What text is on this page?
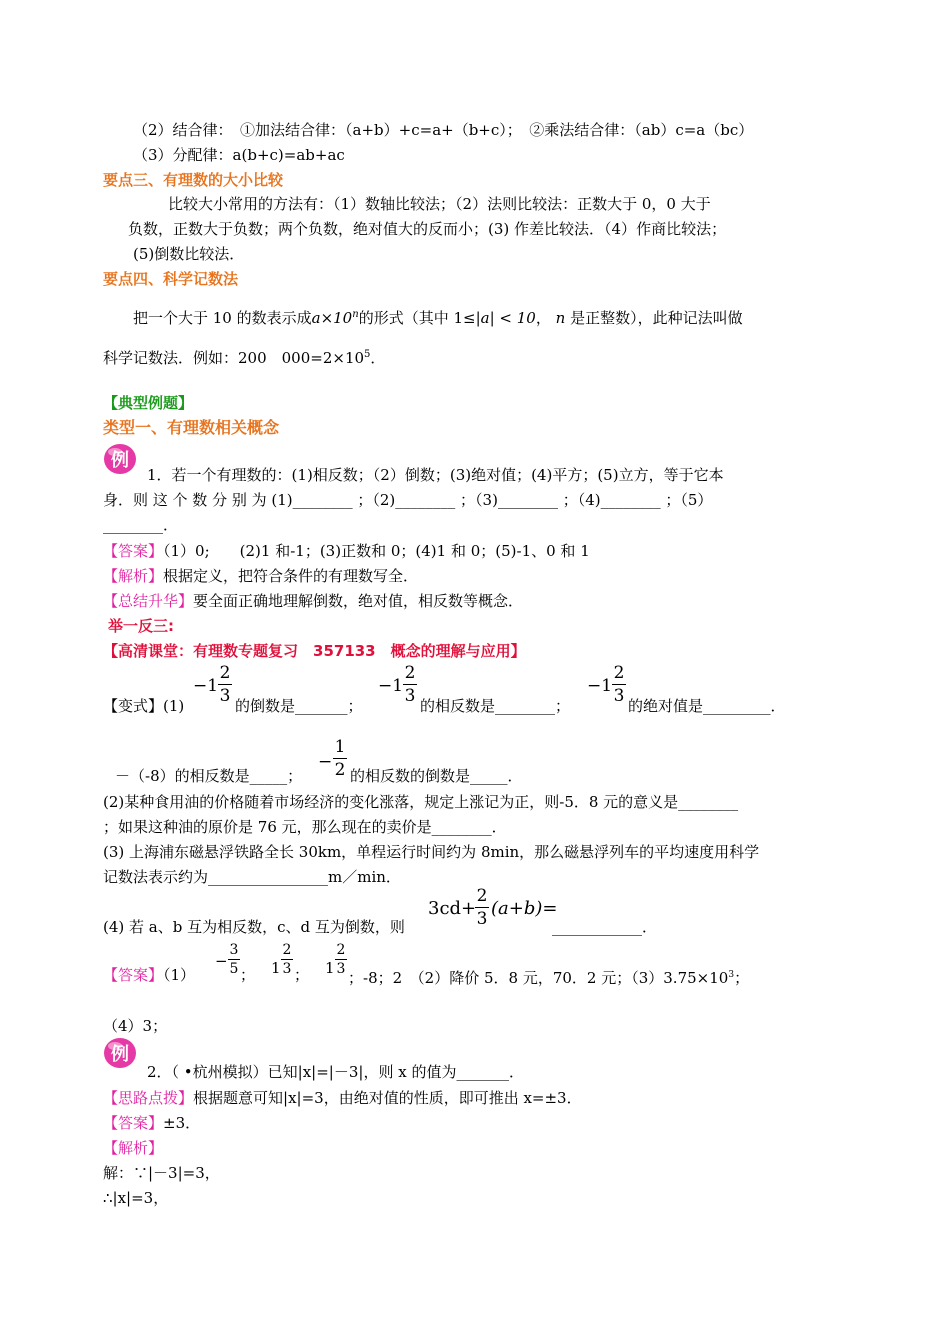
（2）结合律：　①加法结合律：（a+b）+c=a+（b+c）；　②乘法结合律：（ab）c=a（bc）
（3）分配律：a(b+c)=ab+ac
要点三、有理数的大小比较
比较大小常用的方法有：（1）数轴比较法；（2）法则比较法：正数大于 0，0 大于
负数，正数大于负数；两个负数，绝对值大的反而小；(3) 作差比较法．（4）作商比较法；
(5)倒数比较法．
要点四、科学记数法
把一个大于 10 的数表示成$a\times 10^n$的形式（其中 1≤|a| < 10， n 是正整数），此种记法叫做
科学记数法．例如：200　$000=2\times 10^5$．
【典型例题】
类型一、有理数相关概念
例
1．若一个有理数的：(1)相反数；（2）倒数；(3)绝对值；(4)平方；(5)立方，等于它本
身．则 这 个 数 分 别 为 (1)________ ；（2)________ ；（3)________ ；（4)________ ；（5）
________．
【答案】（1）0;　　(2)1 和-1；(3)正数和 0；(4)1 和 0；(5)-1、0 和 1
【解析】根据定义，把符合条件的有理数写全．
【总结升华】要全面正确地理解倒数，绝对值，相反数等概念．
举一反三:
【高清课堂：有理数专题复习　357133　概念的理解与应用】
【变式】(1)
−1
2
3 的倒数是_______；
−1
2
3 的相反数是________；
−1
2
3 的绝对值是_________．
－（-8）的相反数是_____；
−
1
2 的相反数的倒数是_____．
(2)某种食用油的价格随着市场经济的变化涨落，规定上涨记为正，则-5．8 元的意义是________
；如果这种油的原价是 76 元，那么现在的卖价是________．
(3) 上海浦东磁悬浮铁路全长 30km，单程运行时间约为 8min，那么磁悬浮列车的平均速度用科学
记数法表示约为________________m／min．
(4) 若 a、b 互为相反数，c、d 互为倒数，则
3cd+
2
3 (a+b)=
____________．
【答案】（1）
−
3
5 ； 1
2
3 ； 1
2
3 ；-8；2　（2）降价 5．8 元，70．2 元；$(3)3.75\times 10^3$；
（4）3；
例
2．（ •杭州模拟）已知|x|=|－3|，则 x 的值为_______．
【思路点拨】根据题意可知|x|=3，由绝对值的性质，即可推出 x=±3．
【答案】±3．
【解析】
解：∵|－3|=3，
∴|x|=3，
